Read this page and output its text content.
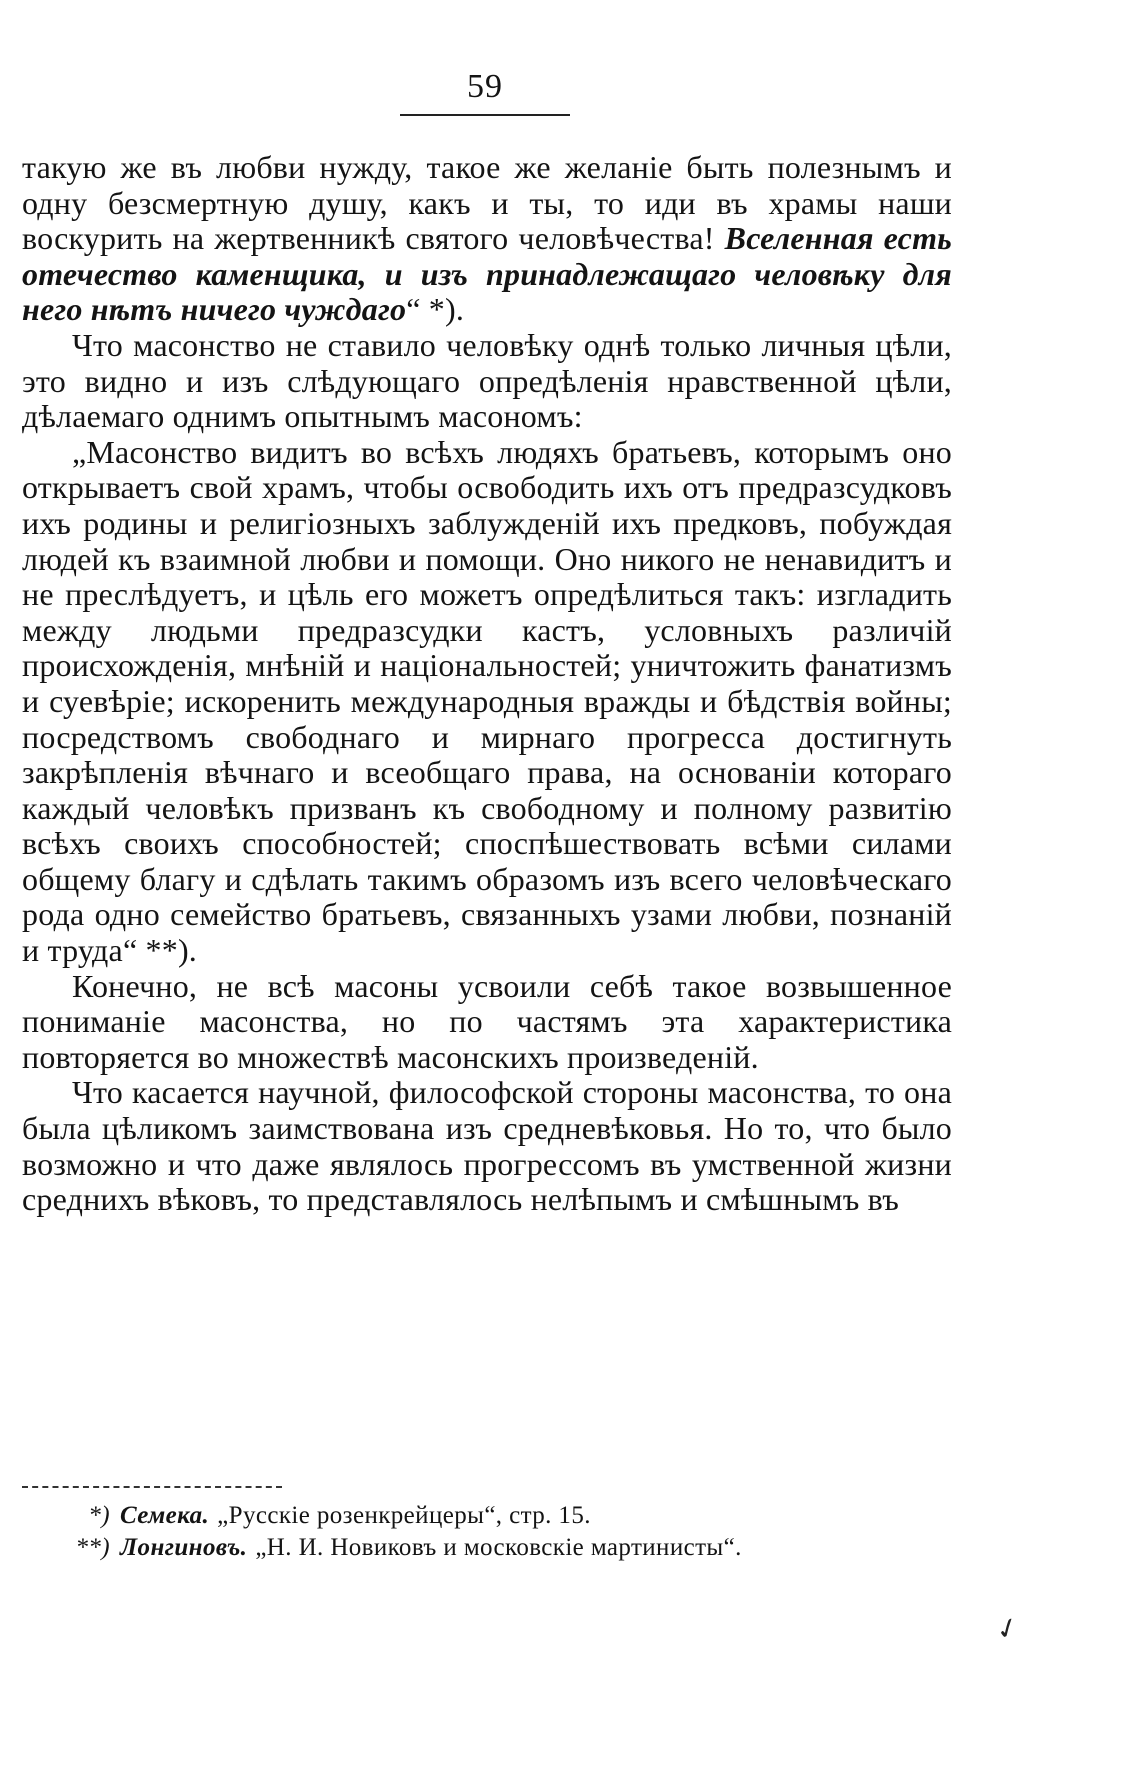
59

такую же въ любви нужду, такое же желаніе быть полезнымъ и одну безсмертную душу, какъ и ты, то иди въ храмы наши воскурить на жертвенникѣ святого человѣчества! Вселенная есть отечество каменщика, и изъ принадлежащаго человѣку для него нѣтъ ничего чуждаго“ *).

Что масонство не ставило человѣку однѣ только личныя цѣли, это видно и изъ слѣдующаго опредѣленія нравственной цѣли, дѣлаемаго однимъ опытнымъ масономъ:

„Масонство видитъ во всѣхъ людяхъ братьевъ, которымъ оно открываетъ свой храмъ, чтобы освободить ихъ отъ предразсудковъ ихъ родины и религіозныхъ заблужденій ихъ предковъ, побуждая людей къ взаимной любви и помощи. Оно никого не ненавидитъ и не преслѣдуетъ, и цѣль его можетъ опредѣлиться такъ: изгладить между людьми предразсудки кастъ, условныхъ различій происхожденія, мнѣній и національностей; уничтожить фанатизмъ и суевѣріе; искоренить международныя вражды и бѣдствія войны; посредствомъ свободнаго и мирнаго прогресса достигнуть закрѣпленія вѣчнаго и всеобщаго права, на основаніи котораго каждый человѣкъ призванъ къ свободному и полному развитію всѣхъ своихъ способностей; споспѣшествовать всѣми силами общему благу и сдѣлать такимъ образомъ изъ всего человѣческаго рода одно семейство братьевъ, связанныхъ узами любви, познаній и труда“ **).

Конечно, не всѣ масоны усвоили себѣ такое возвышенное пониманіе масонства, но по частямъ эта характеристика повторяется во множествѣ масонскихъ произведеній.

Что касается научной, философской стороны масонства, то она была цѣликомъ заимствована изъ средневѣковья. Но то, что было возможно и что даже являлось прогрессомъ въ умственной жизни среднихъ вѣковъ, то представлялось нелѣпымъ и смѣшнымъ въ

*) Семека. „Русскіе розенкрейцеры“, стр. 15.

**) Лонгиновъ. „Н. И. Новиковъ и московскіе мартинисты“.

✓
